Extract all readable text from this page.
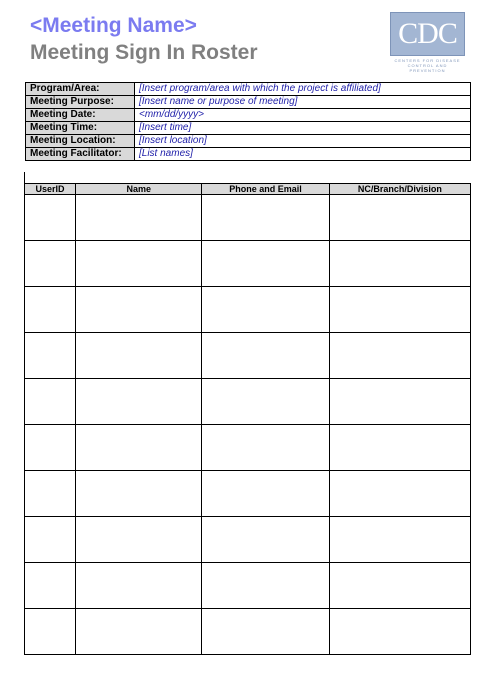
<Meeting Name>
Meeting Sign In Roster
CDC
CENTERS FOR DISEASE
CONTROL AND PREVENTION
Program/Area:	[Insert program/area with which the project is affiliated]
Meeting Purpose:	[Insert name or purpose of meeting]
Meeting Date:	<mm/dd/yyyy>
Meeting Time:	[Insert time]
Meeting Location:	[Insert location]
Meeting Facilitator:	[List names]
UserID	Name	Phone and Email	NC/Branch/Division
